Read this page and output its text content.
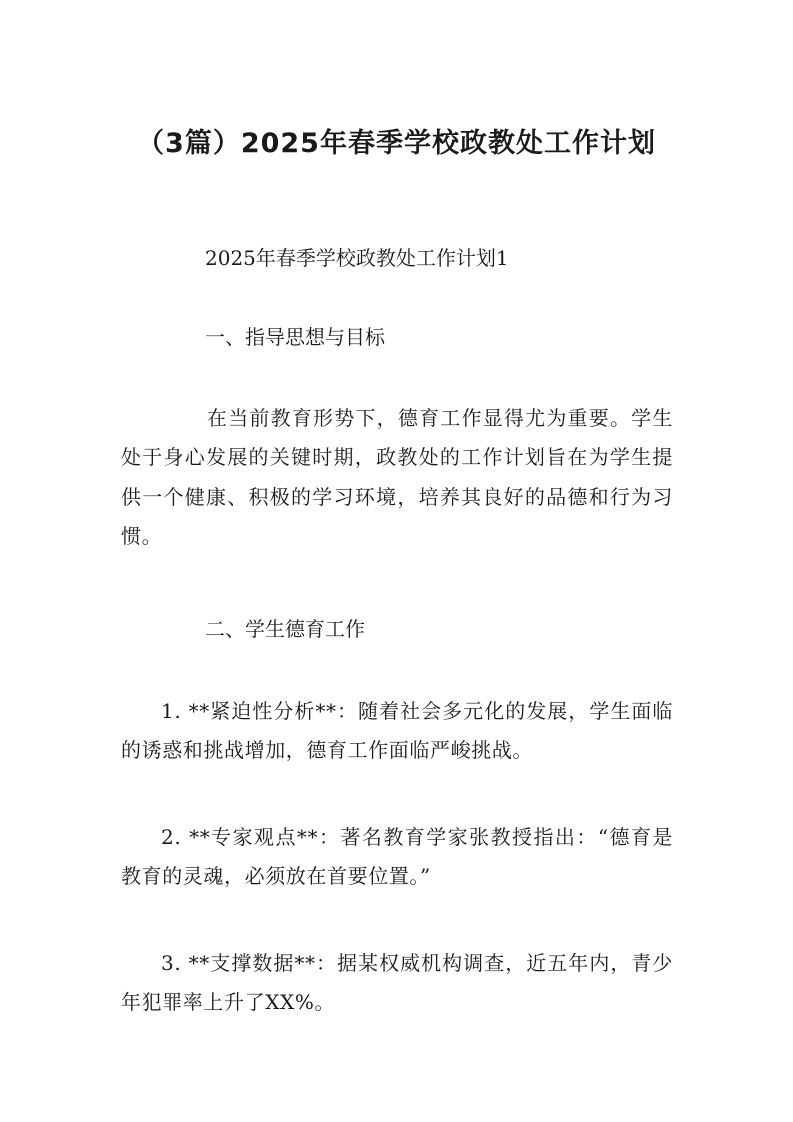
（3篇）2025年春季学校政教处工作计划

2025年春季学校政教处工作计划1

一、指导思想与目标

在当前教育形势下，德育工作显得尤为重要。学生处于身心发展的关键时期，政教处的工作计划旨在为学生提供一个健康、积极的学习环境，培养其良好的品德和行为习惯。

二、学生德育工作

1. **紧迫性分析**：随着社会多元化的发展，学生面临的诱惑和挑战增加，德育工作面临严峻挑战。

2. **专家观点**：著名教育学家张教授指出：“德育是教育的灵魂，必须放在首要位置。”

3. **支撑数据**：据某权威机构调查，近五年内，青少年犯罪率上升了XX%。
